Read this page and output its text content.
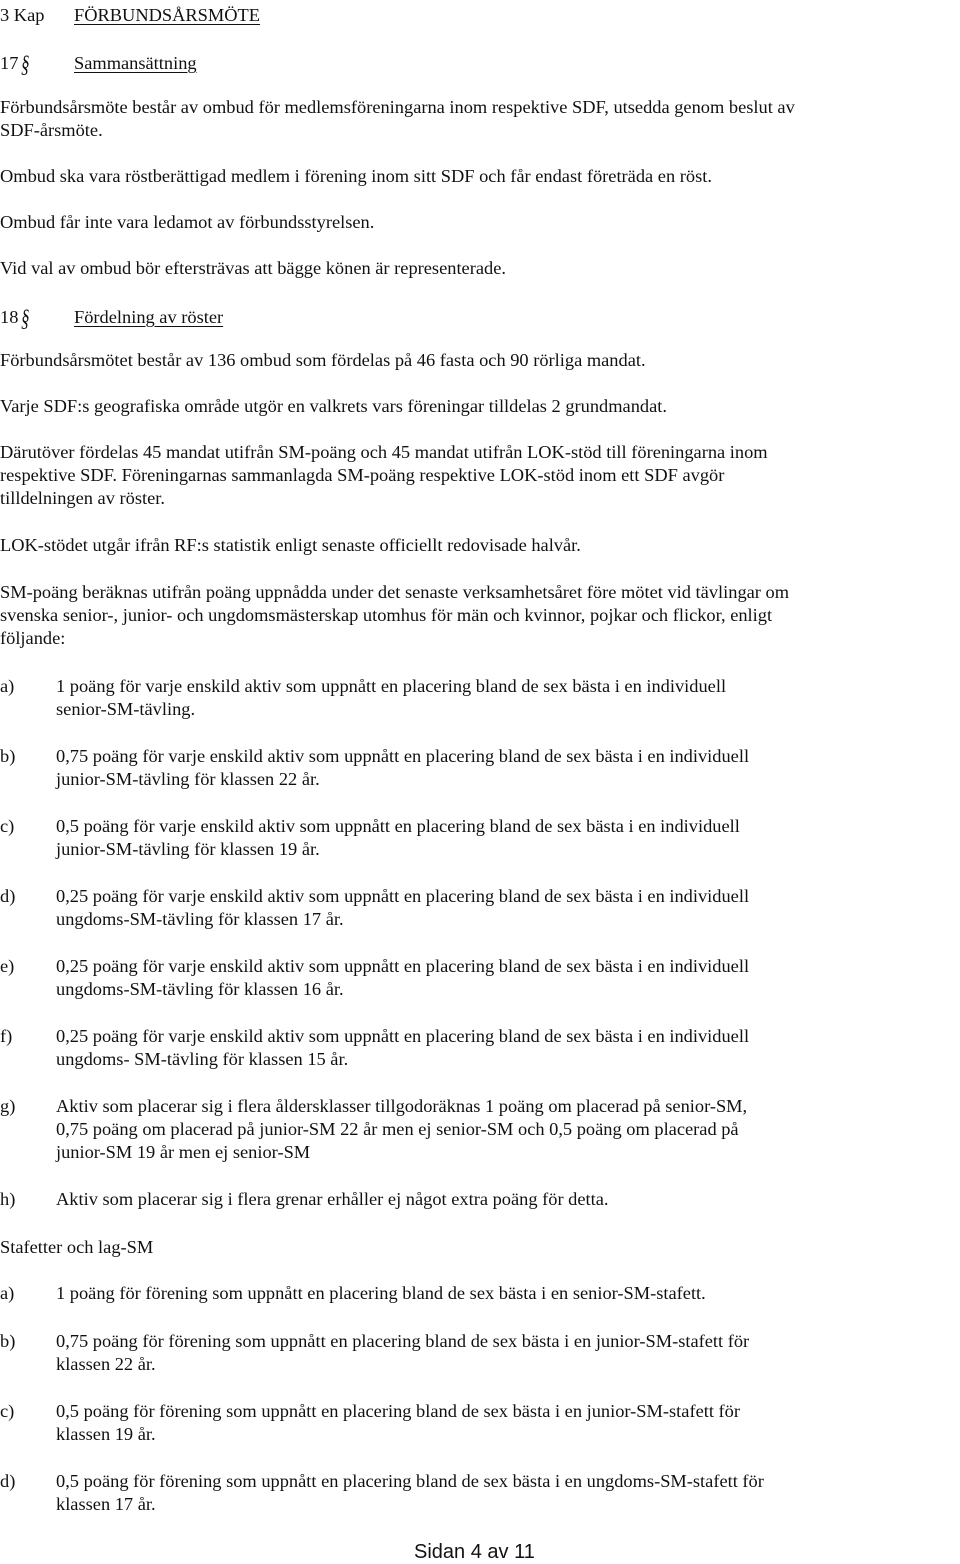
3 Kap FÖRBUNDSÅRSMÖTE
17 § Sammansättning
Förbundsårsmöte består av ombud för medlemsföreningarna inom respektive SDF, utsedda genom beslut av
SDF-årsmöte.
Ombud ska vara röstberättigad medlem i förening inom sitt SDF och får endast företräda en röst.
Ombud får inte vara ledamot av förbundsstyrelsen.
Vid val av ombud bör eftersträvas att bägge könen är representerade.
18 § Fördelning av röster
Förbundsårsmötet består av 136 ombud som fördelas på 46 fasta och 90 rörliga mandat.
Varje SDF:s geografiska område utgör en valkrets vars föreningar tilldelas 2 grundmandat.
Därutöver fördelas 45 mandat utifrån SM-poäng och 45 mandat utifrån LOK-stöd till föreningarna inom
respektive SDF. Föreningarnas sammanlagda SM-poäng respektive LOK-stöd inom ett SDF avgör
tilldelningen av röster.
LOK-stödet utgår ifrån RF:s statistik enligt senaste officiellt redovisade halvår.
SM-poäng beräknas utifrån poäng uppnådda under det senaste verksamhetsåret före mötet vid tävlingar om
svenska senior-, junior- och ungdomsmästerskap utomhus för män och kvinnor, pojkar och flickor, enligt
följande:
a) 1 poäng för varje enskild aktiv som uppnått en placering bland de sex bästa i en individuell
senior-SM-tävling.
b) 0,75 poäng för varje enskild aktiv som uppnått en placering bland de sex bästa i en individuell
junior-SM-tävling för klassen 22 år.
c) 0,5 poäng för varje enskild aktiv som uppnått en placering bland de sex bästa i en individuell
junior-SM-tävling för klassen 19 år.
d) 0,25 poäng för varje enskild aktiv som uppnått en placering bland de sex bästa i en individuell
ungdoms-SM-tävling för klassen 17 år.
e) 0,25 poäng för varje enskild aktiv som uppnått en placering bland de sex bästa i en individuell
ungdoms-SM-tävling för klassen 16 år.
f) 0,25 poäng för varje enskild aktiv som uppnått en placering bland de sex bästa i en individuell
ungdoms- SM-tävling för klassen 15 år.
g) Aktiv som placerar sig i flera åldersklasser tillgodoräknas 1 poäng om placerad på senior-SM,
0,75 poäng om placerad på junior-SM 22 år men ej senior-SM och 0,5 poäng om placerad på
junior-SM 19 år men ej senior-SM
h) Aktiv som placerar sig i flera grenar erhåller ej något extra poäng för detta.
Stafetter och lag-SM
a) 1 poäng för förening som uppnått en placering bland de sex bästa i en senior-SM-stafett.
b) 0,75 poäng för förening som uppnått en placering bland de sex bästa i en junior-SM-stafett för
klassen 22 år.
c) 0,5 poäng för förening som uppnått en placering bland de sex bästa i en junior-SM-stafett för
klassen 19 år.
d) 0,5 poäng för förening som uppnått en placering bland de sex bästa i en ungdoms-SM-stafett för
klassen 17 år.
Sidan 4 av 11
